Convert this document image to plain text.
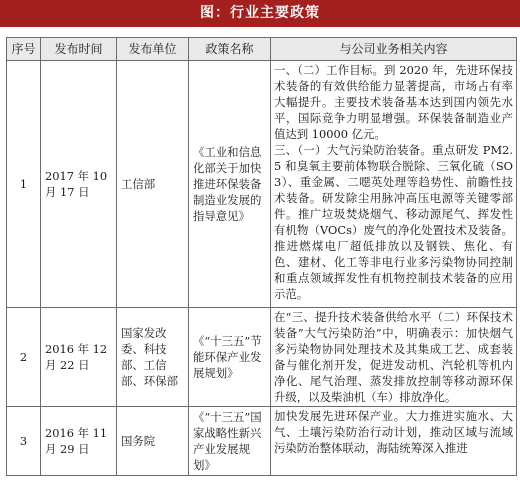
图：行业主要政策
序号	发布时间	发布单位	政策名称	与公司业务相关内容
1	2017 年 10 月 17 日	工信部	《工业和信息化部关于加快推进环保装备制造业发展的指导意见》	一、（二）工作目标。到 2020 年，先进环保技术装备的有效供给能力显著提高，市场占有率大幅提升。主要技术装备基本达到国内领先水平，国际竞争力明显增强。环保装备制造业产值达到 10000 亿元。

三、（一）大气污染防治装备。重点研发 PM2.5 和臭氧主要前体物联合脱除、三氧化硫（SO3）、重金属、二噁英处理等趋势性、前瞻性技术装备。研发除尘用脉冲高压电源等关键零部件。推广垃圾焚烧烟气、移动源尾气、挥发性有机物（VOCs）废气的净化处置技术及装备。推进燃煤电厂超低排放以及钢铁、焦化、有色、建材、化工等非电行业多污染物协同控制和重点领域挥发性有机物控制技术装备的应用示范。

2	2016 年 12 月 22 日	国家发改委、科技部、工信部、环保部	《“十三五”节能环保产业发展规划》	在“三、提升技术装备供给水平（二）环保技术装备”大气污染防治”中，明确表示：加快烟气多污染物协同处理技术及其集成工艺、成套装备与催化剂开发，促进发动机、汽轮机等机内净化、尾气治理、蒸发排放控制等移动源环保升级，以及柴油机（车）排放净化。

3	2016 年 11 月 29 日	国务院	《“十三五”国家战略性新兴产业发展规划》	加快发展先进环保产业。大力推进实施水、大气、土壤污染防治行动计划，推动区域与流域污染防治整体联动，海陆统筹深入推进
